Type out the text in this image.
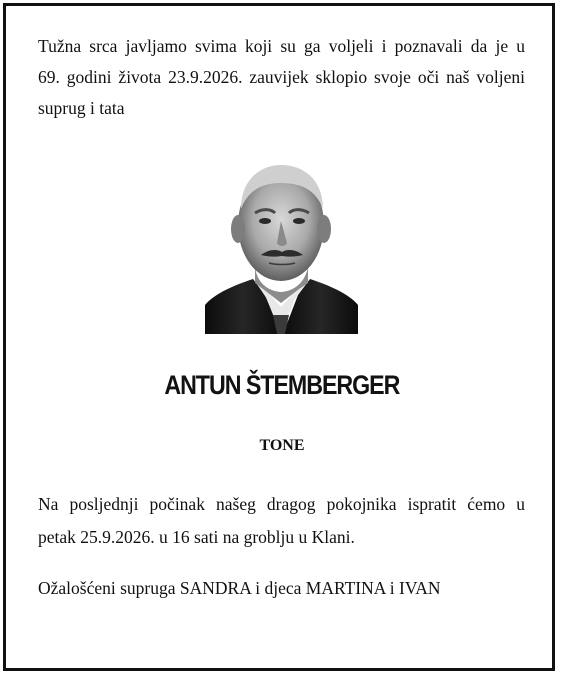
Tužna srca javljamo svima koji su ga voljeli i poznavali da je u
69. godini života 23.9.2026. zauvijek sklopio svoje oči naš voljeni
suprug i tata

ANTUN ŠTEMBERGER

TONE

Na posljednji počinak našeg dragog pokojnika ispratit ćemo u
petak 25.9.2026. u 16 sati na groblju u Klani.

Ožalošćeni supruga SANDRA i djeca MARTINA i IVAN
